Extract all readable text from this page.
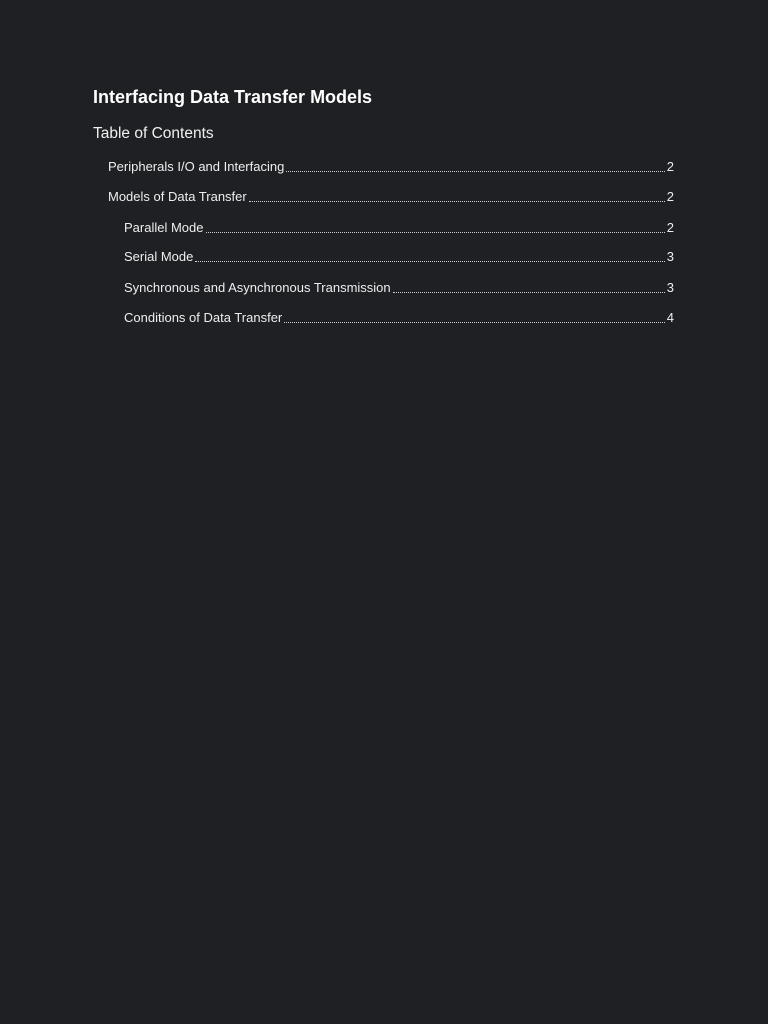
Interfacing Data Transfer Models
Table of Contents
Peripherals I/O and Interfacing	2
Models of Data Transfer	2
Parallel Mode	2
Serial Mode	3
Synchronous and Asynchronous Transmission	3
Conditions of Data Transfer	4
